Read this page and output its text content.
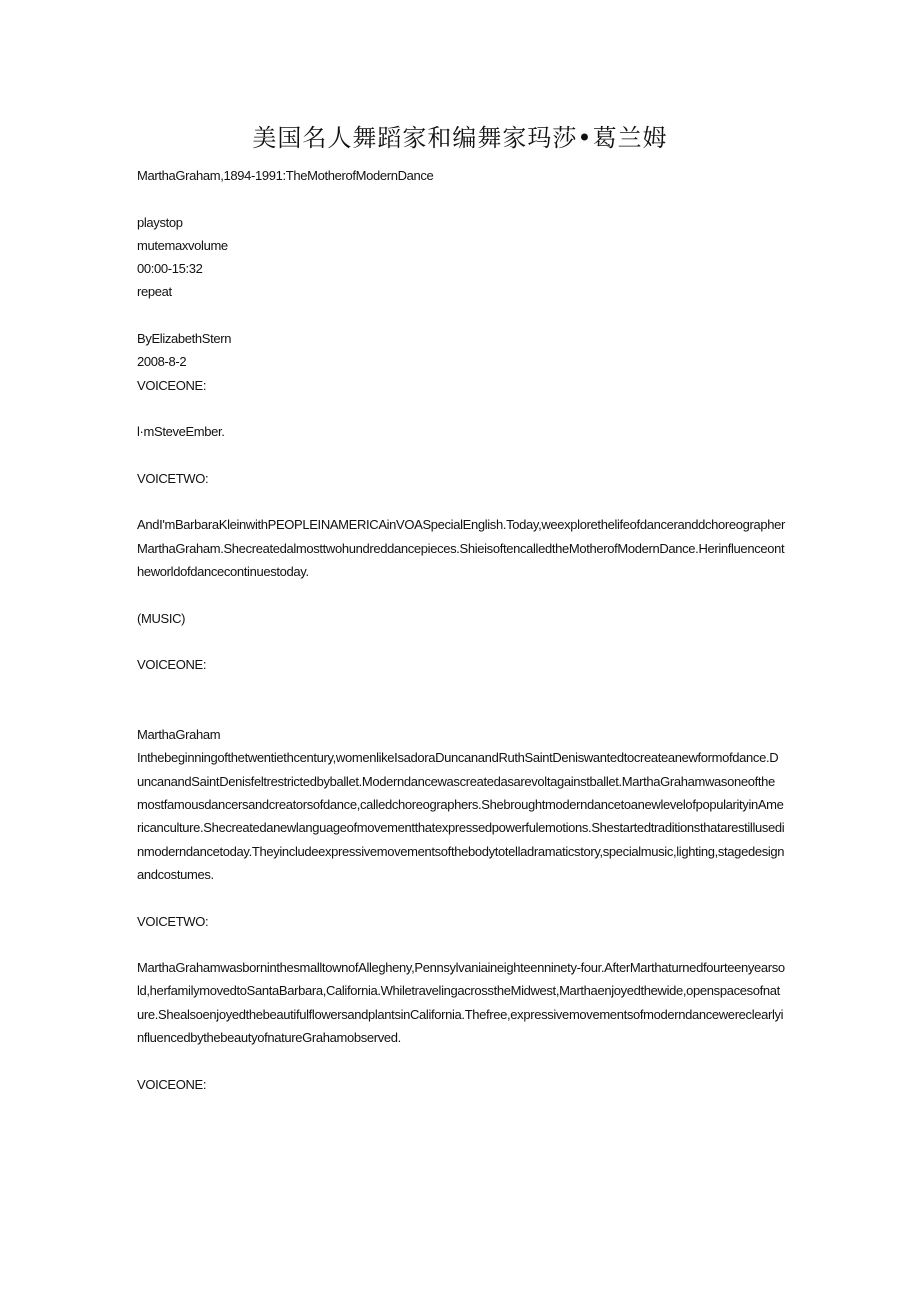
美国名人舞蹈家和编舞家玛莎•葛兰姆

MarthaGraham,1894-1991:TheMotherofModernDance

playstop

mutemaxvolume

00:00-15:32

repeat

ByElizabethStern

2008-8-2

VOICEONE:

l·mSteveEmber.

VOICETWO:

AndI'mBarbaraKleinwithPEOPLEINAMERICAinVOASpecialEnglish.Today,weexplorethelifeofdanceranddchoreographerMarthaGraham.Shecreatedalmosttwohundreddancepieces.ShieisoftencalledtheMotherofModernDance.Herinfluenceontheworldofdancecontinuestoday.

(MUSIC)

VOICEONE:

MarthaGraham

Inthebeginningofthetwentiethcentury,womenlikeIsadoraDuncanandRuthSaintDeniswantedtocreateanewformofdance.DuncanandSaintDenisfeltrestrictedbyballet.Moderndancewascreatedasarevoltagainstballet.MarthaGrahamwasoneofthemostfamousdancersandcreatorsofdance,calledchoreographers.ShebroughtmoderndancetoanewlevelofpopularityinAmericanculture.Shecreatedanewlanguageofmovementthatexpressedpowerfulemotions.Shestartedtraditionsthatarestillusedinmoderndancetoday.Theyincludeexpressivemovementsofthebodytotelladramaticstory,specialmusic,lighting,stagedesignandcostumes.

VOICETWO:

MarthaGrahamwasborninthesmalltownofAllegheny,Pennsylvaniaineighteenninety-four.AfterMarthaturnedfourteenyearsold,herfamilymovedtoSantaBarbara,California.WhiletravelingacrosstheMidwest,Marthaenjoyedthewide,openspacesofnature.ShealsoenjoyedthebeautifulflowersandplantsinCalifornia.Thefree,expressivemovementsofmoderndancewereclearlyinfluencedbythebeautyofnatureGrahamobserved.

VOICEONE:
